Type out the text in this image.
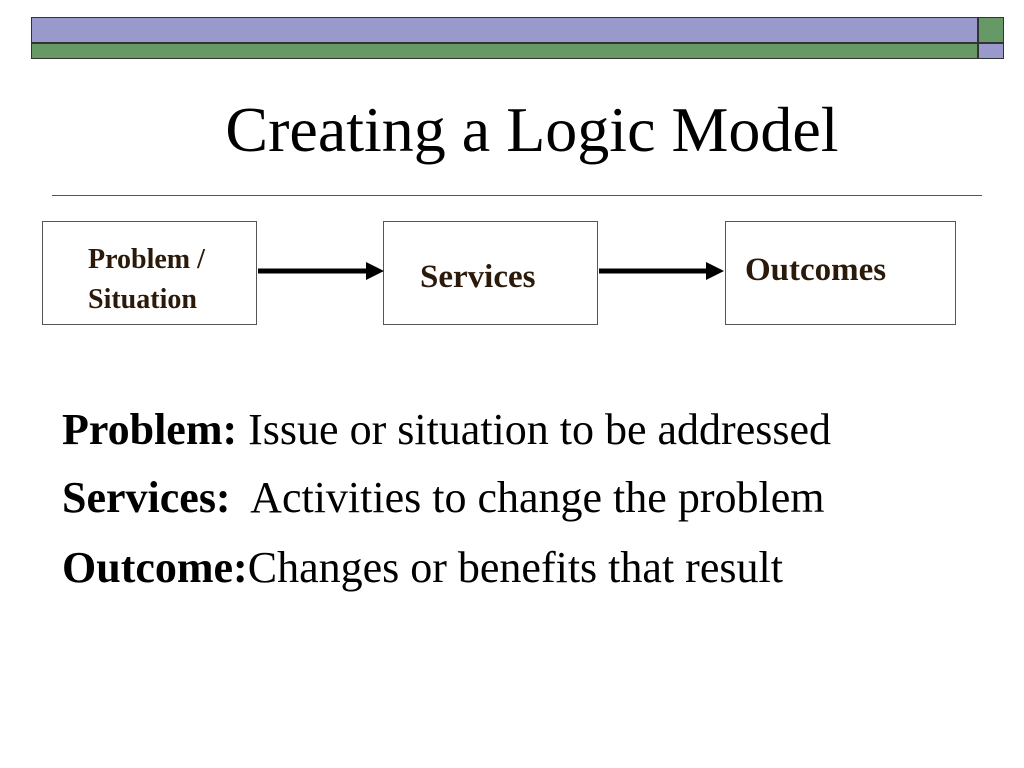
Creating a Logic Model
Problem /
Situation
Services	Outcomes
Problem: Issue or situation to be addressed
Services:  Activities to change the problem
Outcome:Changes or benefits that result
